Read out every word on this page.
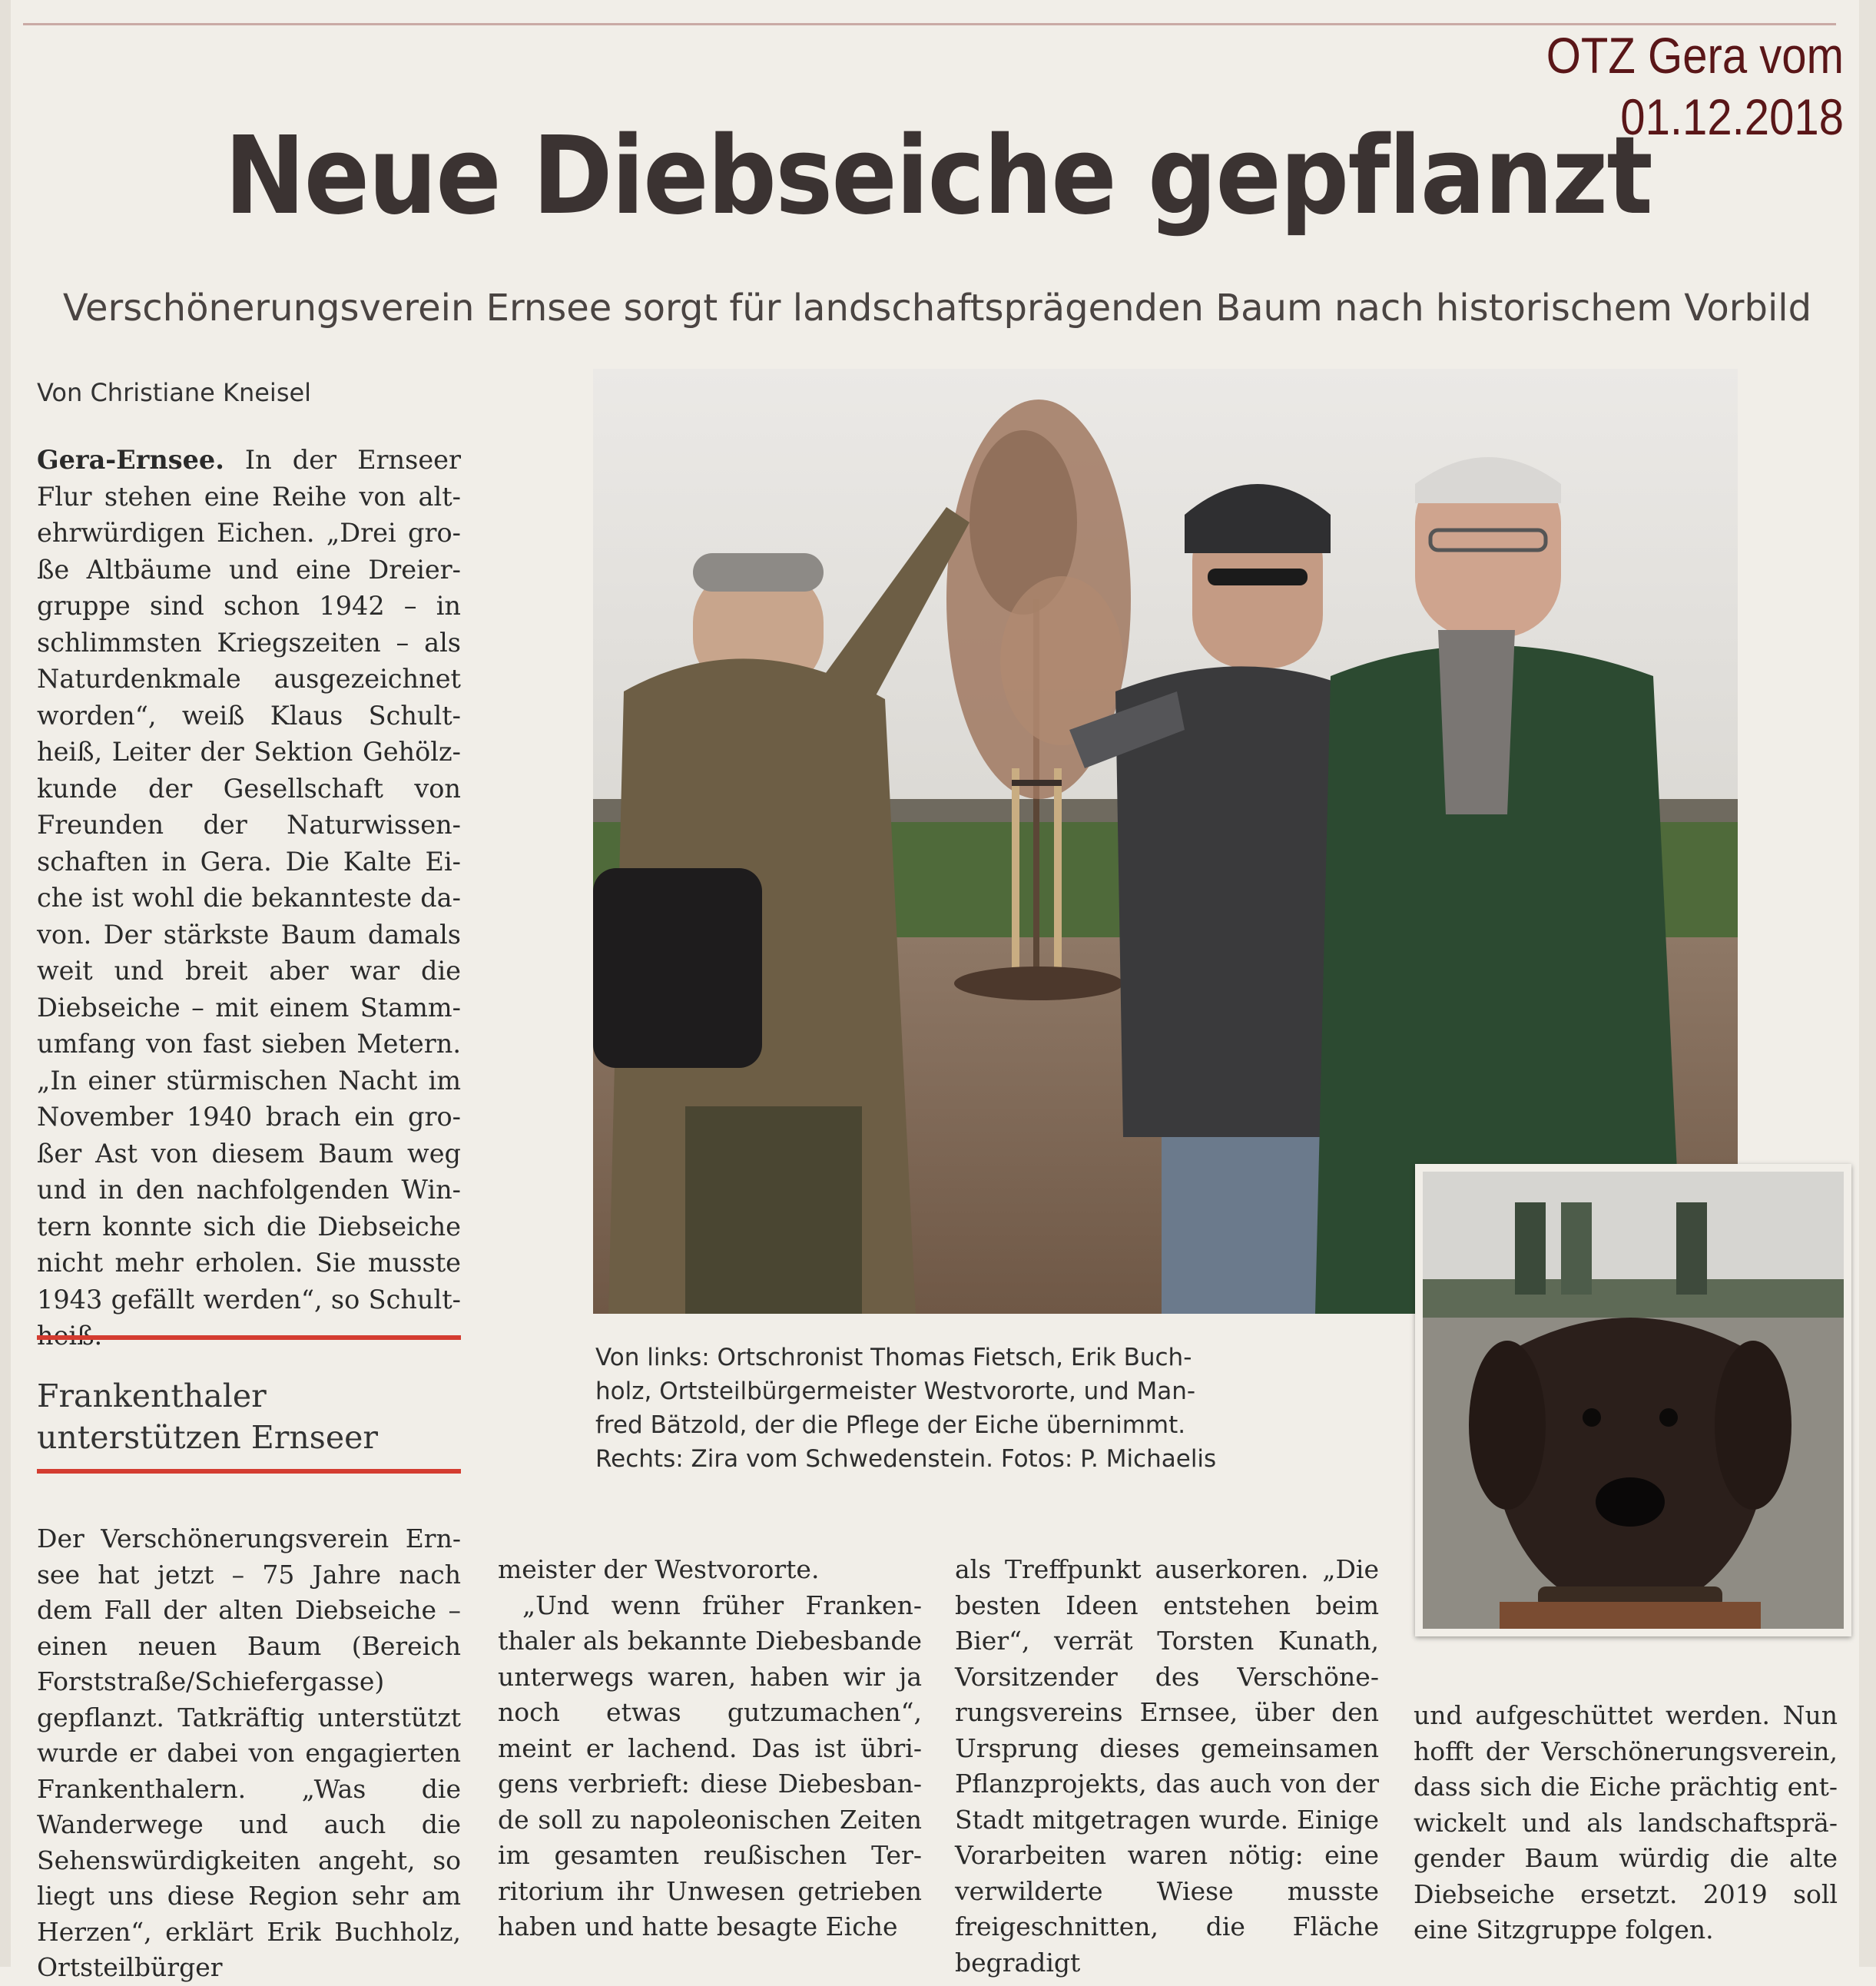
OTZ Gera vom 01.12.2018
Neue Diebseiche gepflanzt
Verschönerungsverein Ernsee sorgt für landschaftsprägenden Baum nach historischem Vorbild
Von Christiane Kneisel

Gera-Ernsee. In der Ernseer Flur stehen eine Reihe von altehrwürdigen Eichen. „Drei große Altbäume und eine Dreiergruppe sind schon 1942 – in schlimmsten Kriegszeiten – als Naturdenkmale ausgezeichnet worden“, weiß Klaus Schultheiß, Leiter der Sektion Gehölzkunde der Gesellschaft von Freunden der Naturwissenschaften in Gera. Die Kalte Eiche ist wohl die bekannteste davon. Der stärkste Baum damals weit und breit aber war die Diebseiche – mit einem Stammumfang von fast sieben Metern. „In einer stürmischen Nacht im November 1940 brach ein großer Ast von diesem Baum weg und in den nachfolgenden Wintern konnte sich die Diebseiche nicht mehr erholen. Sie musste 1943 gefällt werden“, so Schult

Frankenthaler
unterstützen Ernseer
Von links: Ortschronist Thomas Fietsch, Erik Buch-
holz, Ortsteilbürgermeister Westvororte, und Man-
fred Bätzold, der die Pflege der Eiche übernimmt.
Rechts: Zira vom Schwedenstein. Fotos: P. Michaelis

Der Verschönerungsverein Ernsee hat jetzt – 75 Jahre nach dem Fall der alten Diebseiche – einen neuen Baum (Bereich Forststraße/Schiefergasse) gepflanzt. Tatkräftig unterstützt wurde er dabei von engagierten Frankenthalern. „Was die Wanderwege und auch die Sehenswürdigkeiten angeht, so liegt uns diese Region sehr am Herzen“, erklärt Erik Buchholz, Ortsteilbürger

meister der Westvororte.

„Und wenn früher Frankenthaler als bekannte Diebesbande unterwegs waren, haben wir ja noch etwas gutzumachen“, meint er lachend. Das ist übrigens verbrieft: diese Diebesbande soll zu napoleonischen Zeiten im gesamten reußischen Territorium ihr Unwesen getrieben haben und hatte besagte Eiche

als Treffpunkt auserkoren. „Die besten Ideen entstehen beim Bier“, verrät Torsten Kunath, Vorsitzender des Verschönerungsvereins Ernsee, über den Ursprung dieses gemeinsamen Pflanzprojekts, das auch von der Stadt mitgetragen wurde. Einige Vorarbeiten waren nötig: eine verwilderte Wiese musste freigeschnitten, die Fläche begradigt

und aufgeschüttet werden. Nun hofft der Verschönerungsverein, dass sich die Eiche prächtig entwickelt und als landschaftsprägender Baum würdig die alte Diebseiche ersetzt. 2019 soll eine Sitzgruppe folgen.
